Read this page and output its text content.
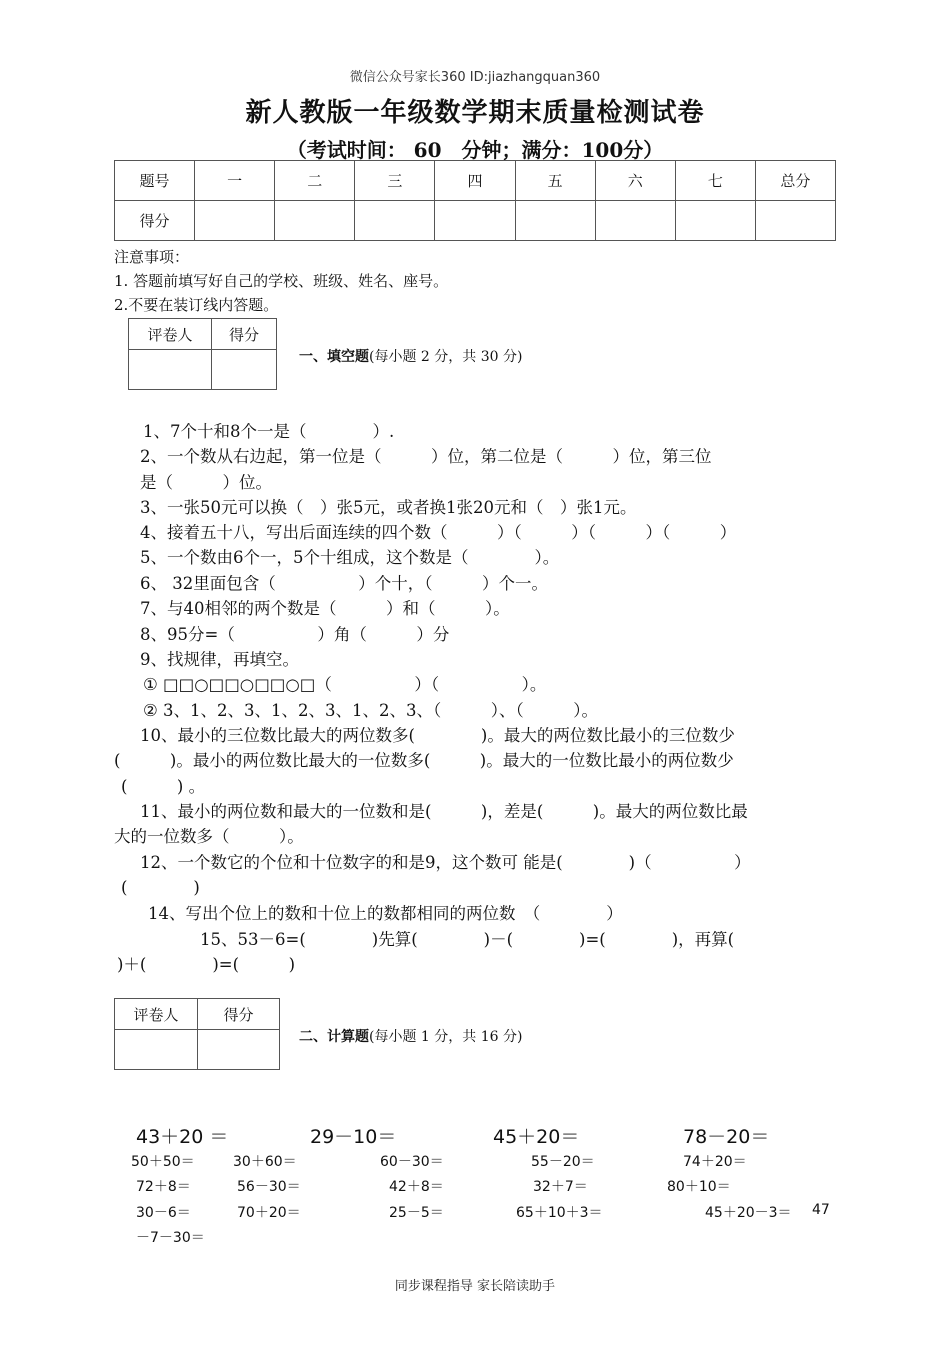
微信公众号家长360 ID:jiazhangquan360
新人教版一年级数学期末质量检测试卷
（考试时间： 60　分钟；满分：100分）
题号	一	二	三	四	五	六	七	总分
得分								
注意事项：
1. 答题前填写好自己的学校、班级、姓名、座号。
2.不要在装订线内答题。
评卷人	得分

一、填空题(每小题 2 分，共 30 分)
1、7个十和8个一是（　　　　）.
2、一个数从右边起，第一位是（　　　）位，第二位是（　　　）位，第三位
是（　　　）位。
3、一张50元可以换（　）张5元，或者换1张20元和（　）张1元。
4、接着五十八，写出后面连续的四个数（　　　）（　　　）（　　　）（　　　）
5、一个数由6个一，5个十组成，这个数是（　　　　）。
6、 32里面包含（　　　　　）个十，（　　　）个一。
7、与40相邻的两个数是（　　　）和（　　　）。
8、95分=（　　　　　）角（　　　）分
9、找规律，再填空。
① □□○□□○□□○□（　　　　　）（　　　　　）。
② 3、1、2、3、1、2、3、1、2、3、（　　　）、（　　　）。
10、最小的三位数比最大的两位数多(　　　　)。最大的两位数比最小的三位数少
(　　　)。最小的两位数比最大的一位数多(　　　)。最大的一位数比最小的两位数少
(　　　) 。
11、最小的两位数和最大的一位数和是(　　　)，差是(　　　)。最大的两位数比最
大的一位数多（　　　）。
12、一个数它的个位和十位数字的和是9，这个数可 能是(　　　　)（　　　　　）
(　　　　)
14、写出个位上的数和十位上的数都相同的两位数　（　　　　）
15、53－6=(　　　　)先算(　　　　)－(　　　　)=(　　　　)，再算(
)＋(　　　　)=(　　　)
评卷人	得分

二、计算题(每小题 1 分，共 16 分)
43＋20 ＝	29－10＝	45＋20＝	78－20＝
50＋50＝	30＋60＝	60－30＝	55－20＝	74＋20＝
72＋8＝	56－30＝	42＋8＝	32＋7＝	80＋10＝
30－6＝	70＋20＝	25－5＝	65＋10＋3＝	45＋20－3＝ 47
－7－30＝
同步课程指导 家长陪读助手
